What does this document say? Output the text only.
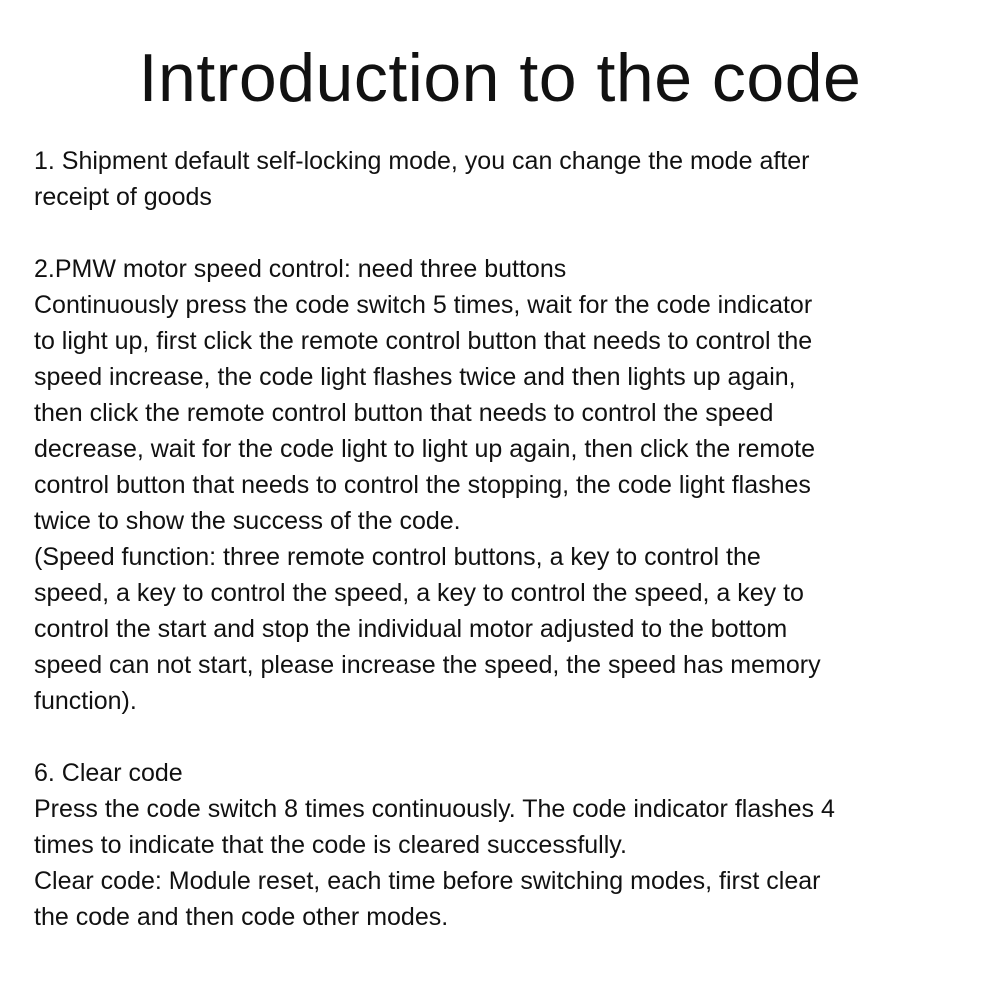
Introduction to the code
1. Shipment default self-locking mode, you can change the mode after
receipt of goods
2.PMW motor speed control: need three buttons
Continuously press the code switch 5 times, wait for the code indicator
to light up, first click the remote control button that needs to control the
speed increase, the code light flashes twice and then lights up again,
then click the remote control button that needs to control the speed
decrease, wait for the code light to light up again, then click the remote
control button that needs to control the stopping, the code light flashes
twice to show the success of the code.
(Speed function: three remote control buttons, a key to control the
speed, a key to control the speed, a key to control the speed, a key to
control the start and stop the individual motor adjusted to the bottom
speed can not start, please increase the speed, the speed has memory
function).
6. Clear code
Press the code switch 8 times continuously. The code indicator flashes 4
times to indicate that the code is cleared successfully.
Clear code: Module reset, each time before switching modes, first clear
the code and then code other modes.
